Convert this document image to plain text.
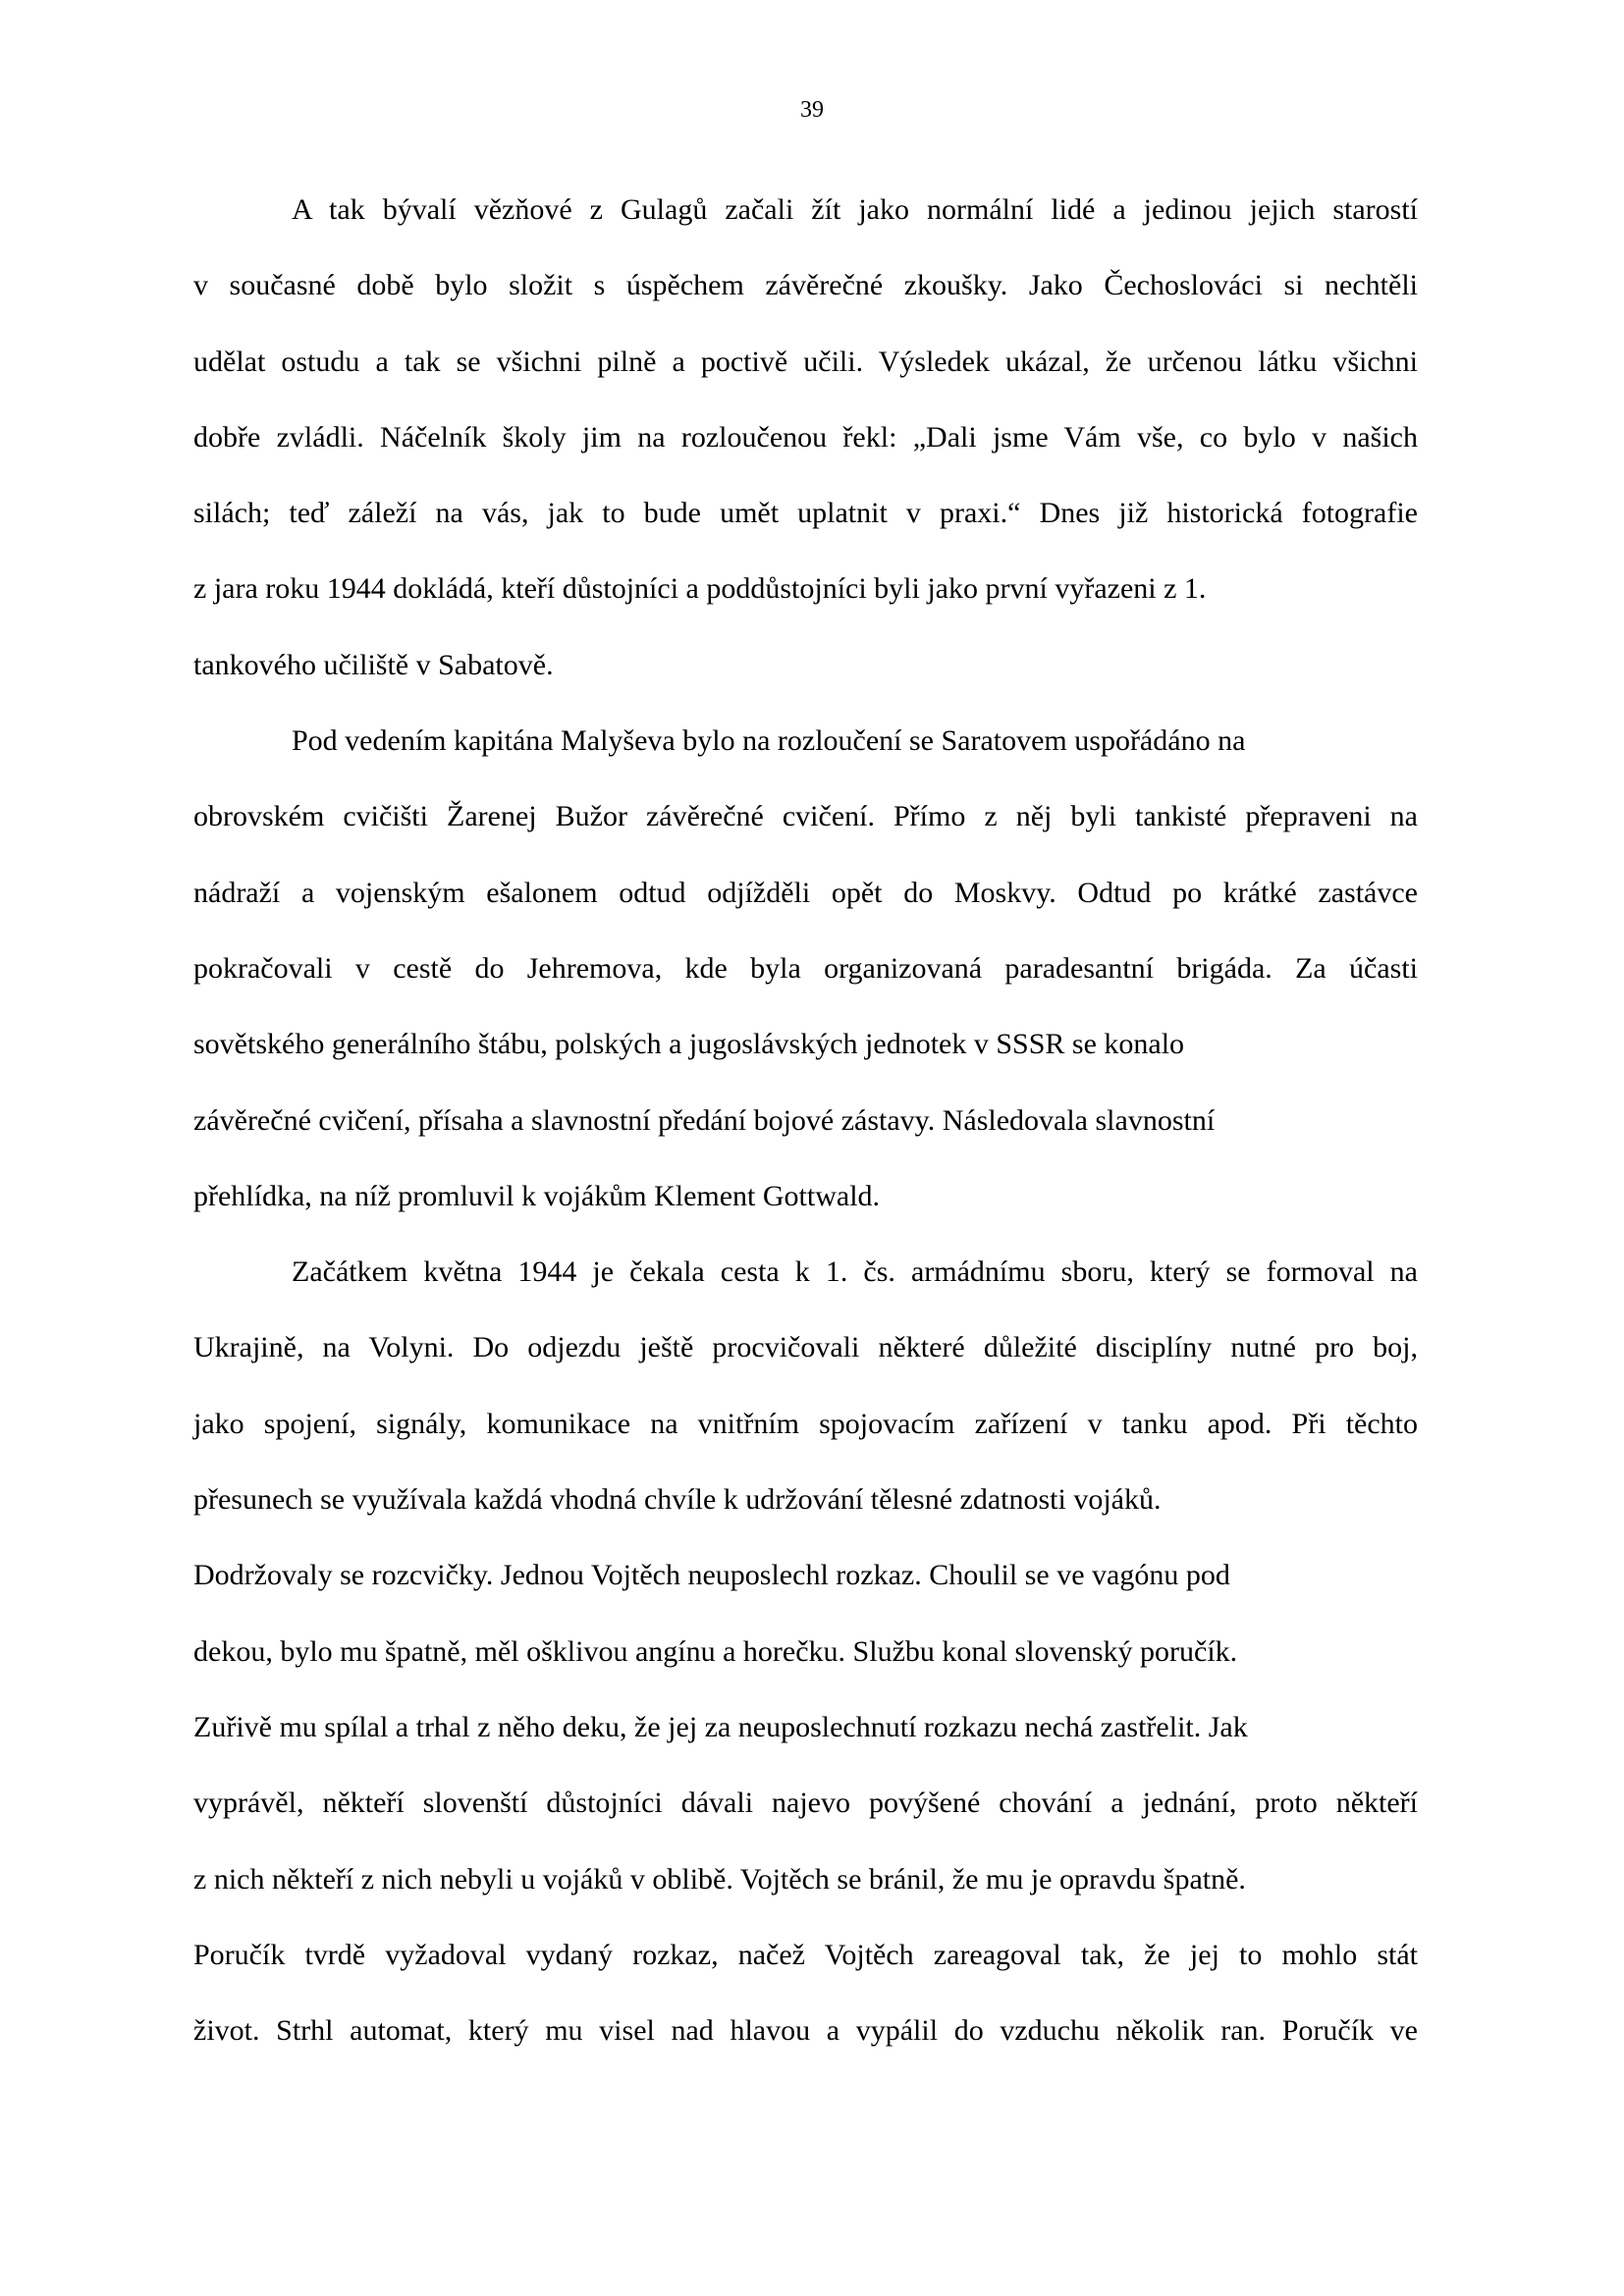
39
A tak bývalí vězňové z Gulagů začali žít jako normální lidé a jedinou jejich starostí
v současné době bylo složit s úspěchem závěrečné zkoušky. Jako Čechoslováci si nechtěli
udělat ostudu a tak se všichni pilně a poctivě učili. Výsledek ukázal, že určenou látku všichni
dobře zvládli. Náčelník školy jim na rozloučenou řekl: „Dali jsme Vám vše, co bylo v našich
silách; teď záleží na vás, jak to bude umět uplatnit v praxi.“ Dnes již historická fotografie
z jara roku 1944 dokládá, kteří důstojníci a poddůstojníci byli jako první vyřazeni z 1.
tankového učiliště v Sabatově.
Pod vedením kapitána Malyševa bylo na rozloučení se Saratovem uspořádáno na
obrovském cvičišti Žarenej Bužor závěrečné cvičení. Přímo z něj byli tankisté přepraveni na
nádraží a vojenským ešalonem odtud odjížděli opět do Moskvy. Odtud po krátké zastávce
pokračovali v cestě do Jehremova, kde byla organizovaná paradesantní brigáda. Za účasti
sovětského generálního štábu, polských a jugoslávských jednotek v SSSR se konalo
závěrečné cvičení, přísaha a slavnostní předání bojové zástavy. Následovala slavnostní
přehlídka, na níž promluvil k vojákům Klement Gottwald.
Začátkem května 1944 je čekala cesta k 1. čs. armádnímu sboru, který se formoval na
Ukrajině, na Volyni. Do odjezdu ještě procvičovali některé důležité disciplíny nutné pro boj,
jako spojení, signály, komunikace na vnitřním spojovacím zařízení v tanku apod. Při těchto
přesunech se využívala každá vhodná chvíle k udržování tělesné zdatnosti vojáků.
Dodržovaly se rozcvičky. Jednou Vojtěch neuposlechl rozkaz. Choulil se ve vagónu pod
dekou, bylo mu špatně, měl ošklivou angínu a horečku. Službu konal slovenský poručík.
Zuřivě mu spílal a trhal z něho deku, že jej za neuposlechnutí rozkazu nechá zastřelit. Jak
vyprávěl, někteří slovenští důstojníci dávali najevo povýšené chování a jednání, proto někteří
z nich někteří z nich nebyli u vojáků v oblibě. Vojtěch se bránil, že mu je opravdu špatně.
Poručík tvrdě vyžadoval vydaný rozkaz, načež Vojtěch zareagoval tak, že jej to mohlo stát
život. Strhl automat, který mu visel nad hlavou a vypálil do vzduchu několik ran. Poručík ve
